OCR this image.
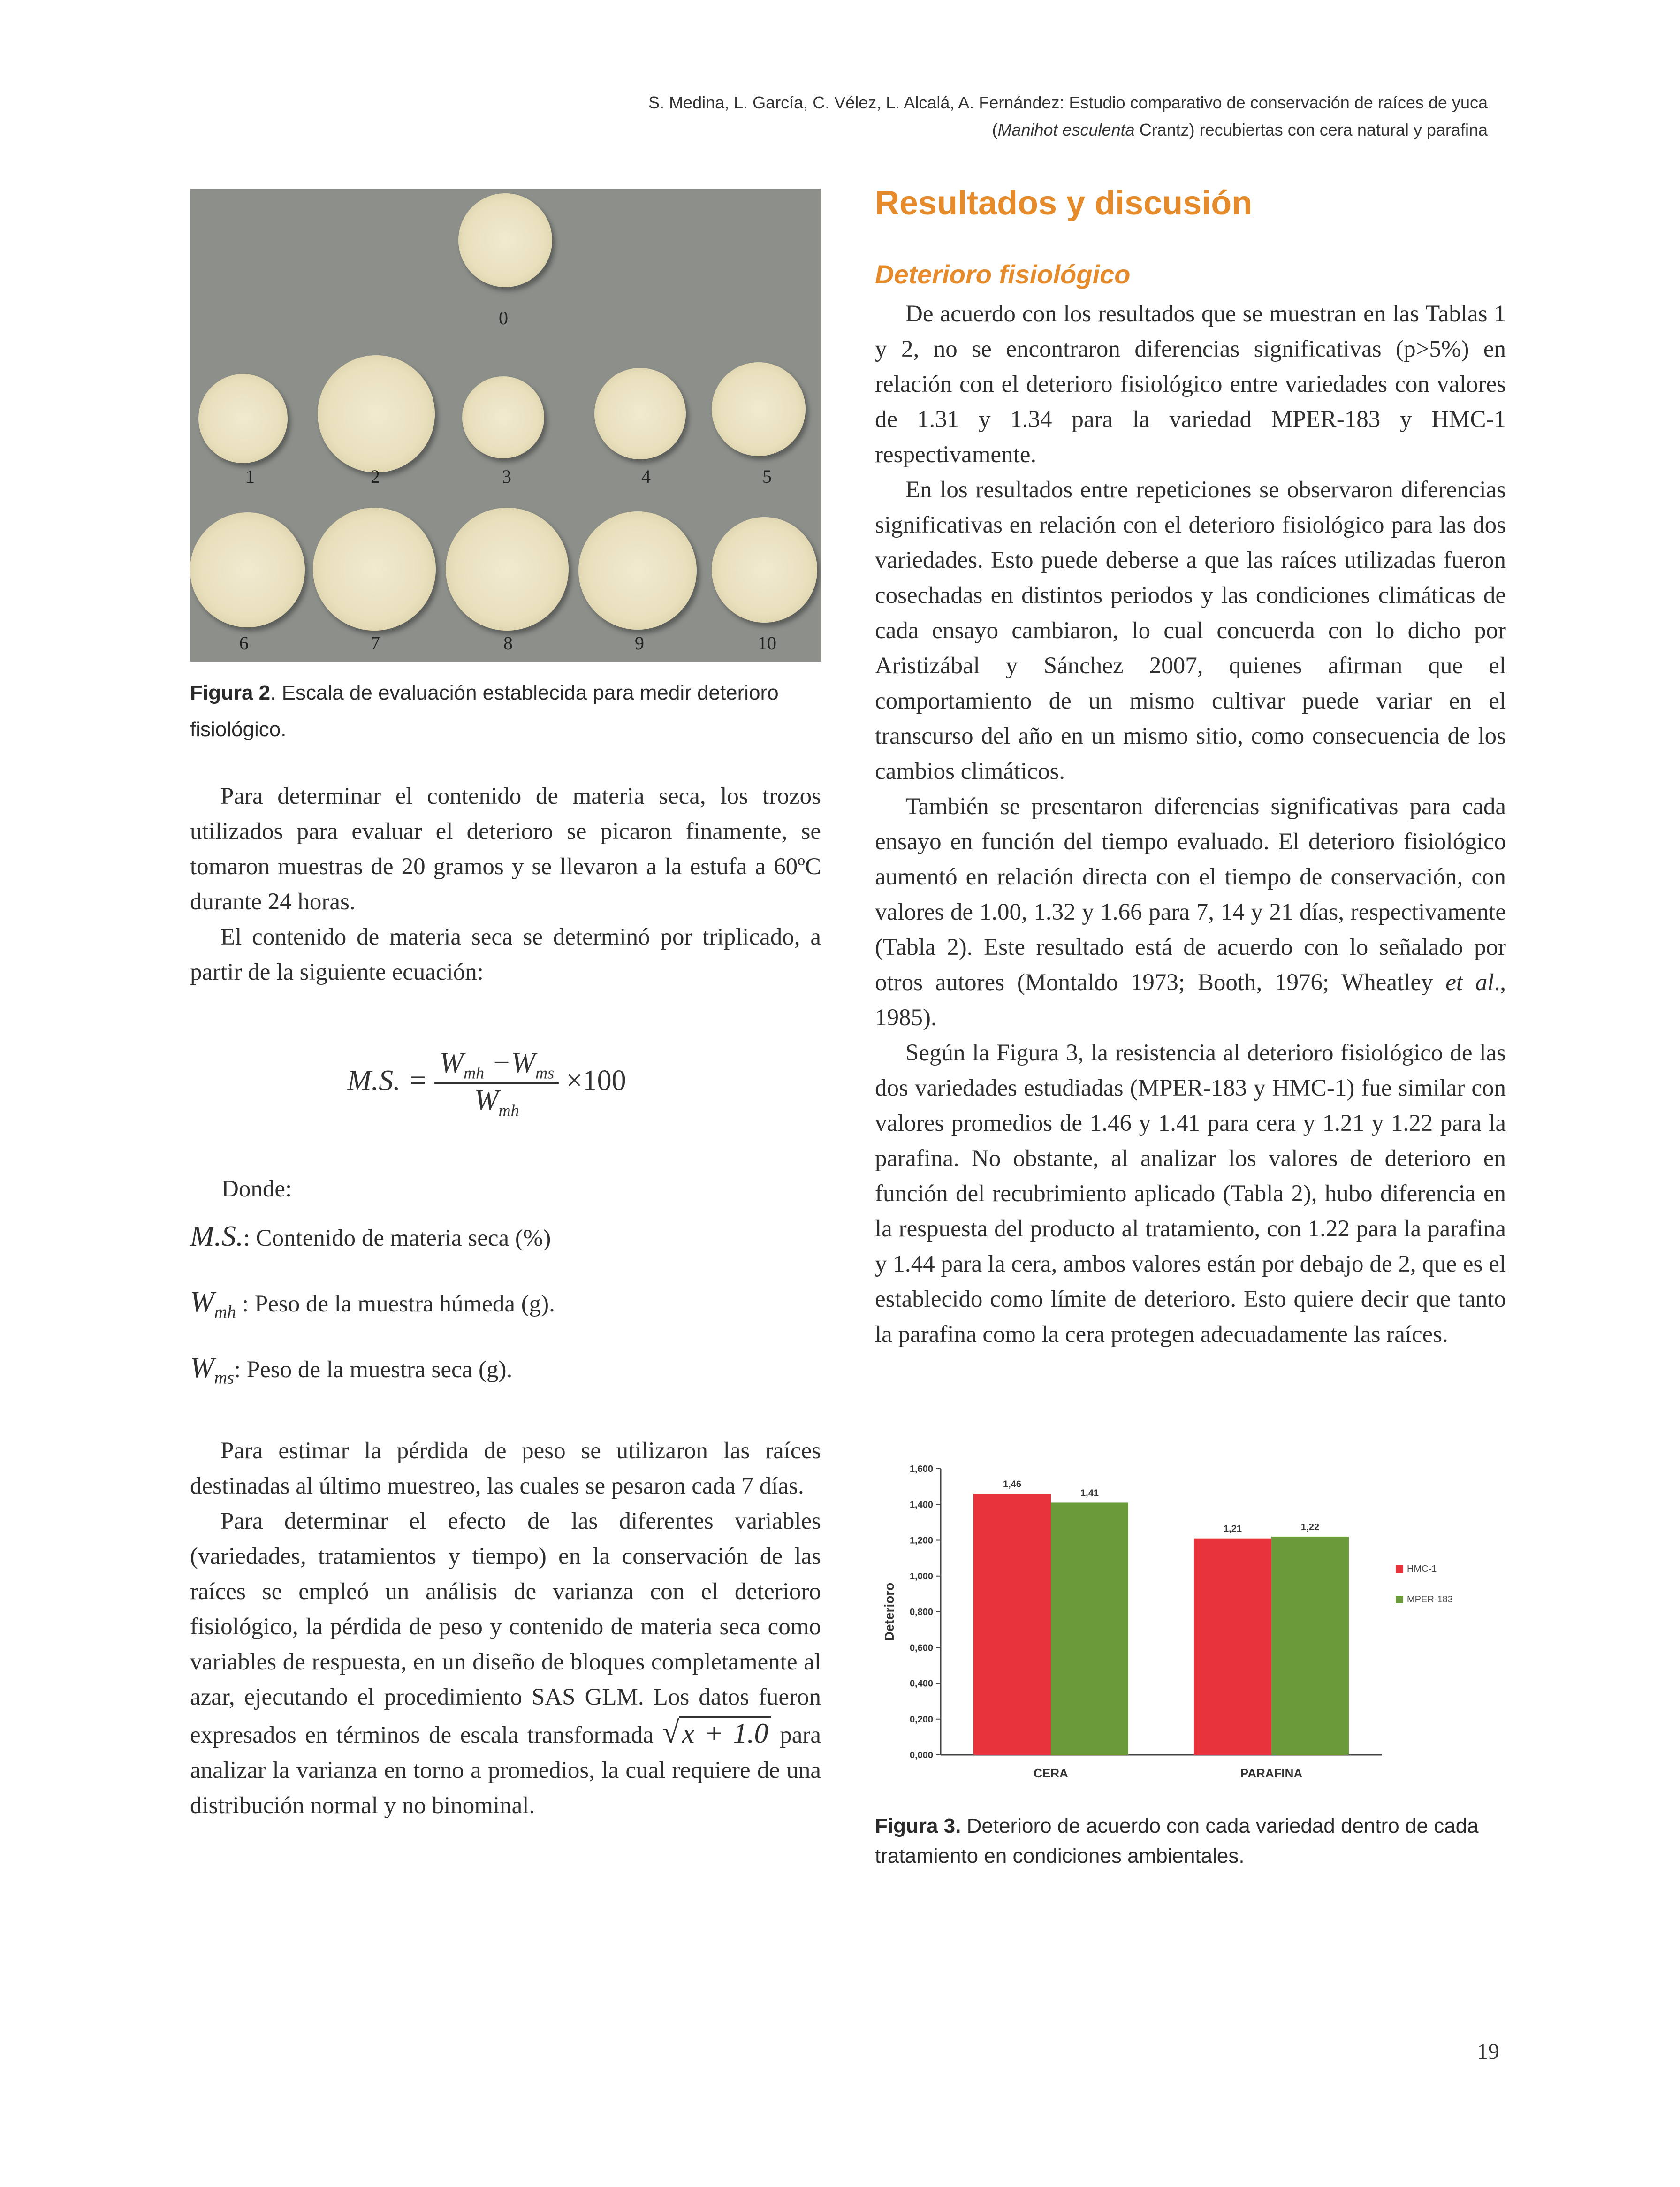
S. Medina, L. García, C. Vélez, L. Alcalá, A. Fernández: Estudio comparativo de conservación de raíces de yuca
(Manihot esculenta Crantz) recubiertas con cera natural y parafina
0
1	2	3	4	5
6	7	8	9	10
Figura 2. Escala de evaluación establecida para medir deterioro fisiológico.

Para determinar el contenido de materia seca, los trozos utilizados para evaluar el deterioro se picaron finamente, se tomaron muestras de 20 gramos y se llevaron a la estufa a 60ºC durante 24 horas.

El contenido de materia seca se determinó por triplicado, a partir de la siguiente ecuación:

M.S. = $\frac{W_{mh} -W_{ms}}{W_{mh}} \times 100$
Donde:
M.S.: Contenido de materia seca (%)
$W_{mh}$ : Peso de la muestra húmeda (g).
$W_{ms}$: Peso de la muestra seca (g).

Para estimar la pérdida de peso se utilizaron las raíces destinadas al último muestreo, las cuales se pesaron cada 7 días.

Para determinar el efecto de las diferentes variables (variedades, tratamientos y tiempo) en la conservación de las raíces se empleó un análisis de varianza con el deterioro fisiológico, la pérdida de peso y contenido de materia seca como variables de respuesta, en un diseño de bloques completamente al azar, ejecutando el procedimiento SAS GLM. Los datos fueron expresados en términos de escala transformada √ x + 1.0 para analizar la varianza en torno a promedios, la cual requiere de una distribución normal y no binominal.

Resultados y discusión
Deterioro fisiológico

De acuerdo con los resultados que se muestran en las Tablas 1 y 2, no se encontraron diferencias significativas (p>5%) en relación con el deterioro fisiológico entre variedades con valores de 1.31 y 1.34 para la variedad MPER-183 y HMC-1 respectivamente.

En los resultados entre repeticiones se observaron diferencias significativas en relación con el deterioro fisiológico para las dos variedades. Esto puede deberse a que las raíces utilizadas fueron cosechadas en distintos periodos y las condiciones climáticas de cada ensayo cambiaron, lo cual concuerda con lo dicho por Aristizábal y Sánchez 2007, quienes afirman que el comportamiento de un mismo cultivar puede variar en el transcurso del año en un mismo sitio, como consecuencia de los cambios climáticos.

También se presentaron diferencias significativas para cada ensayo en función del tiempo evaluado. El deterioro fisiológico aumentó en relación directa con el tiempo de conservación, con valores de 1.00, 1.32 y 1.66 para 7, 14 y 21 días, respectivamente (Tabla 2). Este resultado está de acuerdo con lo señalado por otros autores (Montaldo 1973; Booth, 1976; Wheatley et al., 1985).

Según la Figura 3, la resistencia al deterioro fisiológico de las dos variedades estudiadas (MPER-183 y HMC-1) fue similar con valores promedios de 1.46 y 1.41 para cera y 1.21 y 1.22 para la parafina. No obstante, al analizar los valores de deterioro en función del recubrimiento aplicado (Tabla 2), hubo diferencia en la respuesta del producto al tratamiento, con 1.22 para la parafina y 1.44 para la cera, ambos valores están por debajo de 2, que es el establecido como límite de deterioro. Esto quiere decir que tanto la parafina como la cera protegen adecuadamente las raíces.

0,000
0,200
0,400
0,600
0,800
1,000
1,200
1,400
1,600
Deterioro
1,46
1,41
CERA
1,21	1,22
PARAFINA
HMC-1
MPER-183
Figura 3. Deterioro de acuerdo con cada variedad dentro de cada tratamiento en condiciones ambientales.
19
